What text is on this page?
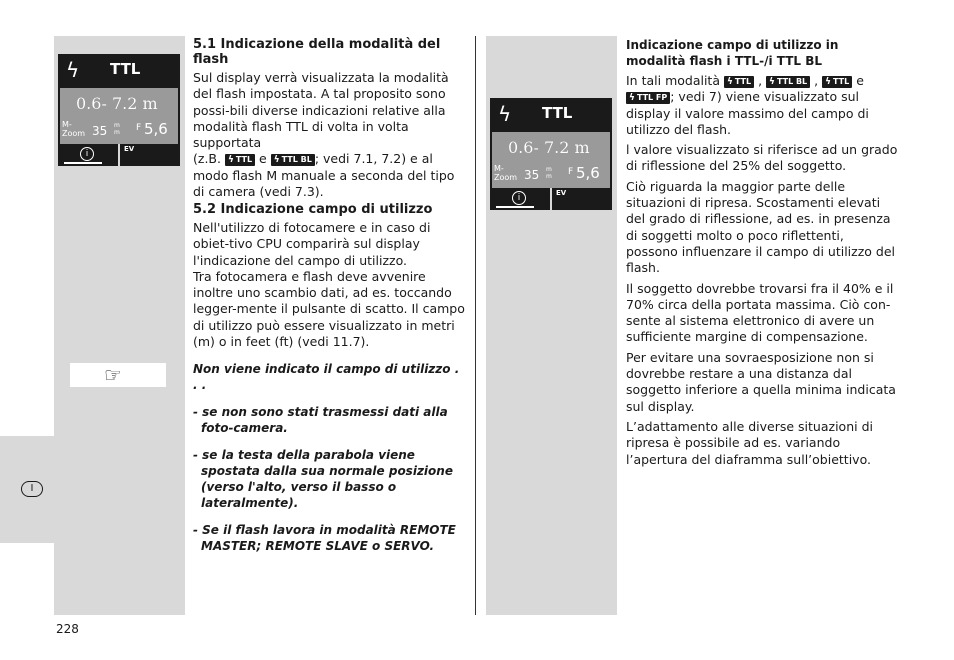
I
ϟ TTL
0.6- 7.2 m
M-
Zoom 35 m
m F 5,6
i	EV
☞
5.1 Indicazione della modalità del flash
Sul display verrà visualizzata la modalità del flash impostata. A tal proposito sono possi-bili diverse indicazioni relative alla modalità flash TTL di volta in volta supportata
(z.B. ϟ TTL e ϟ TTL BL ; vedi 7.1, 7.2) e al modo flash M manuale a seconda del tipo di camera (vedi 7.3).
5.2 Indicazione campo di utilizzo
Nell'utilizzo di fotocamere e in caso di obiet-tivo CPU comparirà sul display l'indicazione del campo di utilizzo.
Tra fotocamera e flash deve avvenire inoltre uno scambio dati, ad es. toccando legger-mente il pulsante di scatto. Il campo di utilizzo può essere visualizzato in metri (m) o in feet (ft) (vedi 11.7).
Non viene indicato il campo di utilizzo . . .
- se non sono stati trasmessi dati alla foto-camera.
- se la testa della parabola viene spostata dalla sua normale posizione (verso l'alto, verso il basso o lateralmente).
- Se il flash lavora in modalità REMOTE MASTER; REMOTE SLAVE o SERVO.
ϟ TTL
0.6- 7.2 m
M-
Zoom 35 m
m F 5,6
i	EV
Indicazione campo di utilizzo in modalità flash i TTL-/i TTL BL
In tali modalità ϟ TTL , ϟ TTL BL , ϟ TTL e ϟ TTL FP ; vedi 7) viene visualizzato sul display il valore massimo del campo di utilizzo del flash.
l valore visualizzato si riferisce ad un grado di riflessione del 25% del soggetto.
Ciò riguarda la maggior parte delle situazioni di ripresa. Scostamenti elevati del grado di riflessione, ad es. in presenza di soggetti molto o poco riflettenti, possono influenzare il campo di utilizzo del flash.
Il soggetto dovrebbe trovarsi fra il 40% e il 70% circa della portata massima. Ciò con-sente al sistema elettronico di avere un sufficiente margine di compensazione.
Per evitare una sovraesposizione non si dovrebbe restare a una distanza dal soggetto inferiore a quella minima indicata sul display.
L’adattamento alle diverse situazioni di ripresa è possibile ad es. variando l’apertura del diaframma sull’obiettivo.
228
